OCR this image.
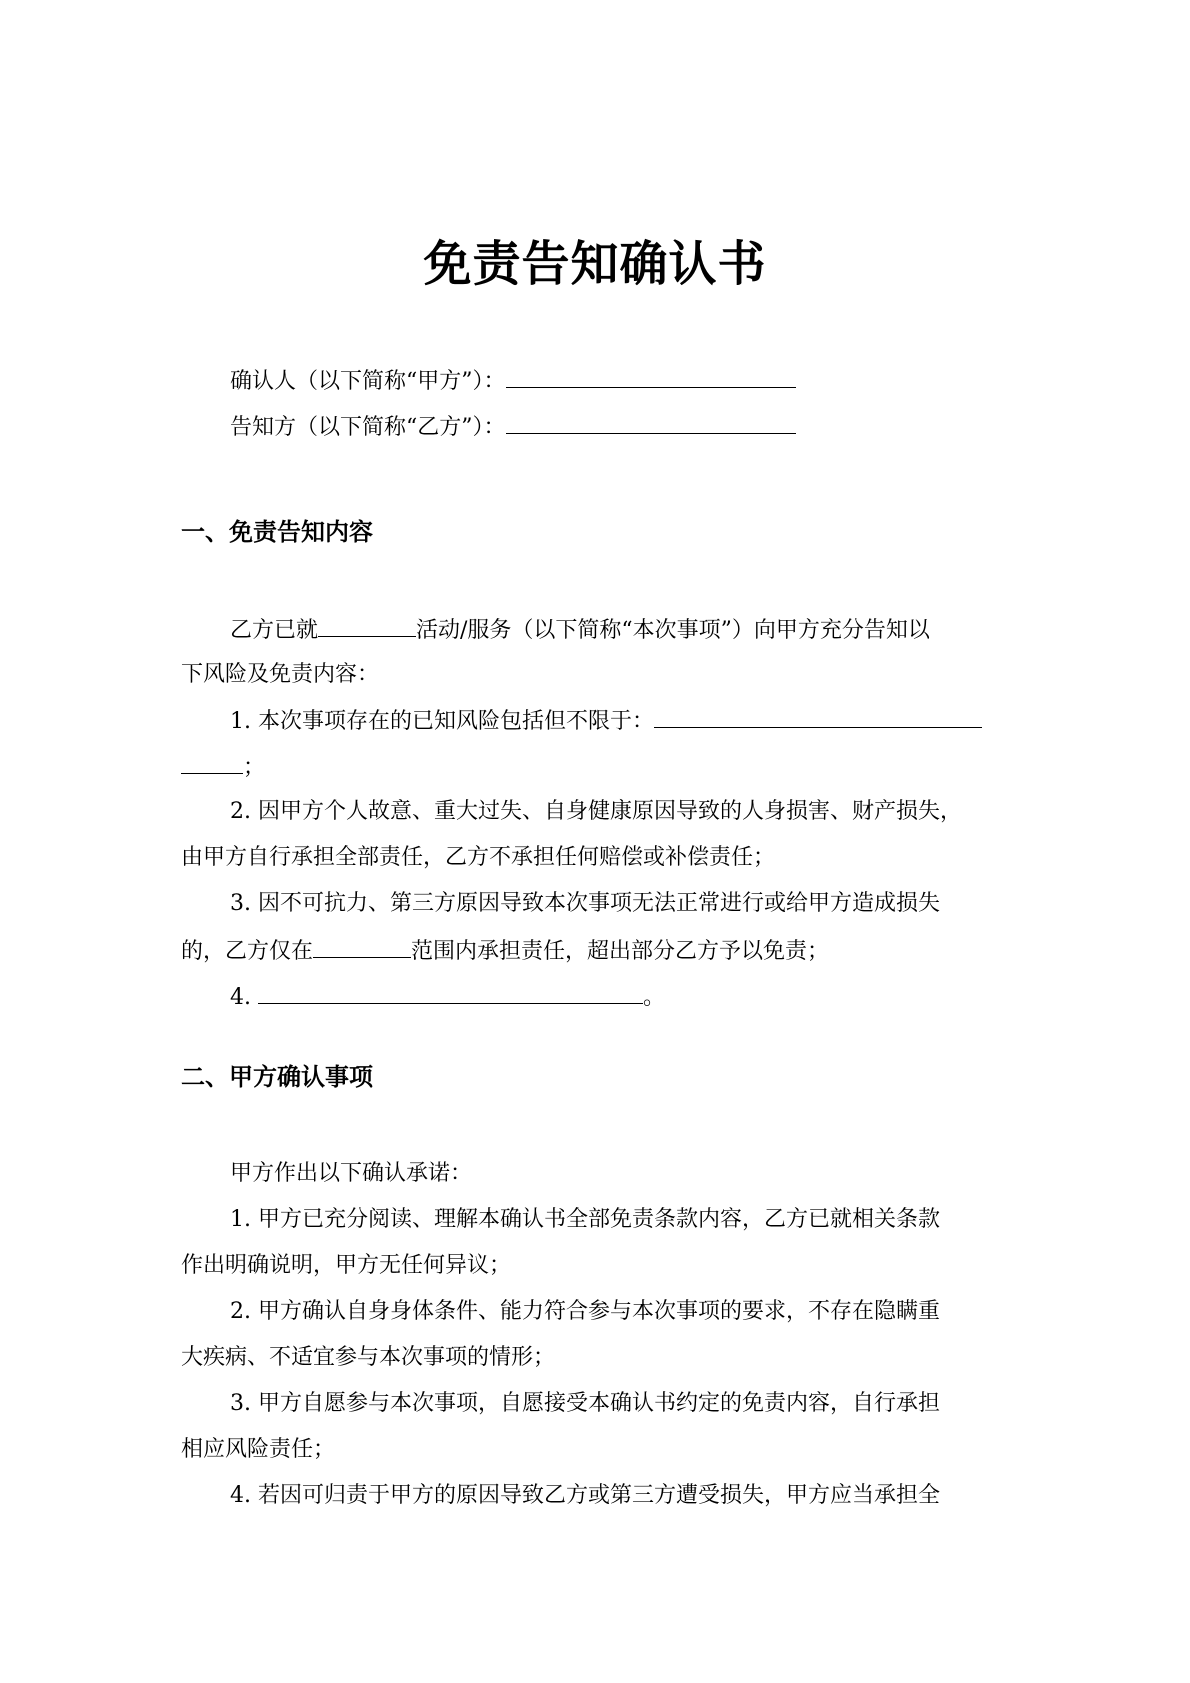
免责告知确认书
确认人（以下简称“甲方”）：
告知方（以下简称“乙方”）：
一、免责告知内容
乙方已就	活动/服务（以下简称“本次事项”）向甲方充分告知以
下风险及免责内容：
1. 本次事项存在的已知风险包括但不限于：
；
2. 因甲方个人故意、重大过失、自身健康原因导致的人身损害、财产损失，
由甲方自行承担全部责任，乙方不承担任何赔偿或补偿责任；
3. 因不可抗力、第三方原因导致本次事项无法正常进行或给甲方造成损失
的，乙方仅在	范围内承担责任，超出部分乙方予以免责；
4.	。
二、甲方确认事项
甲方作出以下确认承诺：
1. 甲方已充分阅读、理解本确认书全部免责条款内容，乙方已就相关条款
作出明确说明，甲方无任何异议；
2. 甲方确认自身身体条件、能力符合参与本次事项的要求，不存在隐瞒重
大疾病、不适宜参与本次事项的情形；
3. 甲方自愿参与本次事项，自愿接受本确认书约定的免责内容，自行承担
相应风险责任；
4. 若因可归责于甲方的原因导致乙方或第三方遭受损失，甲方应当承担全
